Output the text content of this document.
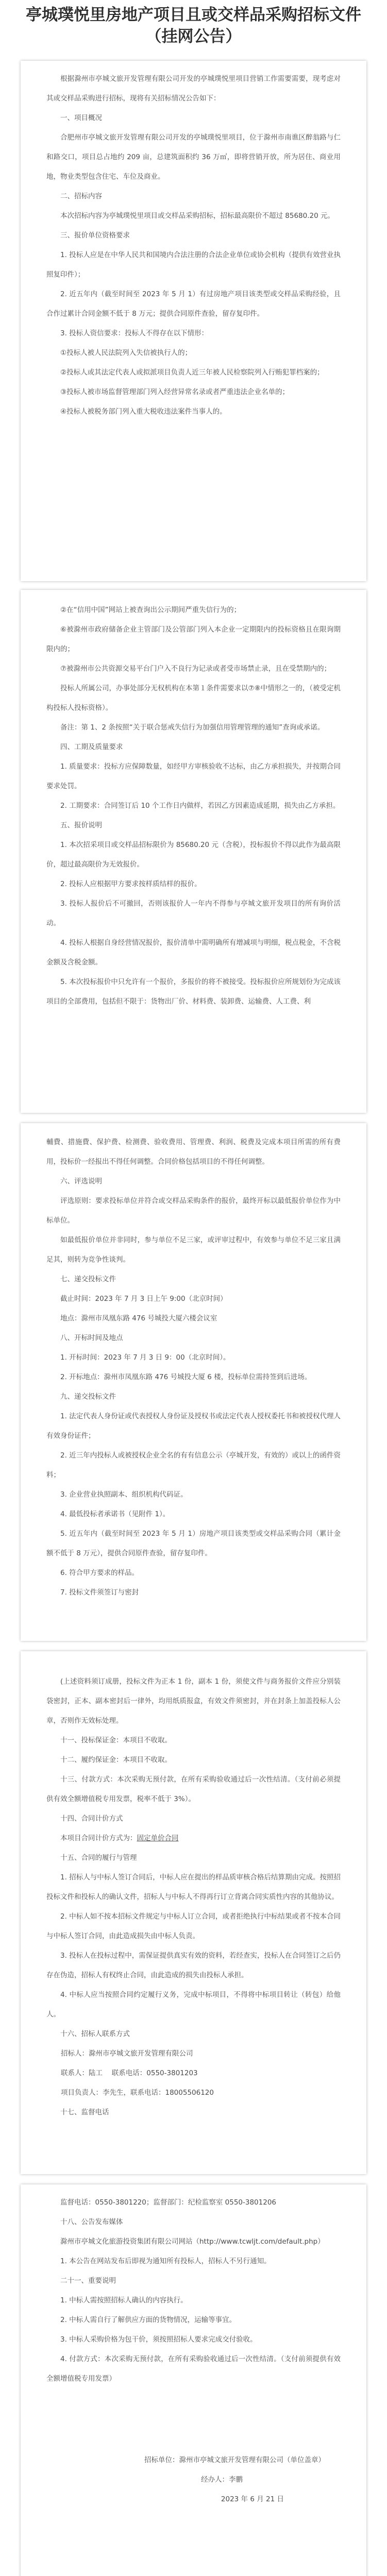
亭城璞悦里房地产项目且或交样品采购招标文件（挂网公告）

根据滁州市亭城文旅开发管理有限公司开发的亭城璞悦里项目营销工作需要需要，现考虑对其或交样品采购进行招标，现将有关招标情况公告如下：

一、项目概况

合肥州市亭城文旅开发管理有限公司开发的亭城璞悦里项目，位于滁州市南谯区醉翁路与仁和路交口，项目总占地约 209 亩，总建筑面积约 36 万㎡，即将营销开放，所为居住、商业用地，物业类型包含住宅、车位及商业。

二、招标内容

本次招标内容为亭城璞悦里项目或交样品采购招标，招标最高限价不超过 85680.20 元。

三、报价单位资格要求

1. 投标人应是在中华人民共和国境内合法注册的合法企业单位或协会机构（提供有效营业执照复印件）；

2. 近五年内（截至时间至 2023 年 5 月 1）有过房地产项目该类型或交样品采购经验，且合作过累计合同金额不低于 8 万元；提供合同原件查验，留存复印件。

3. 投标人资信要求：投标人不得存在以下情形：

①投标人被人民法院列入失信被执行人的；

②投标人或其法定代表人或拟派项目负责人近三年被人民检察院列入行贿犯罪档案的；

③投标人被市场监督管理部门列入经营异常名录或者严重违法企业名单的；

④投标人被税务部门列入重大税收违法案件当事人的。

②在“信用中国”网站上被查询出公示期间严重失信行为的；

⑥被滁州市政府储备企业主管部门及公管部门列入本企业一定期限内的投标资格且在限询期限内的；

⑦被滁州市公共资源交易平台门户入不良行为记录或者受市场禁止录，且在受禁期内的；

投标人所属公司，办事处部分无权机构在本第１条件需要求以⑦⑧中情形之一的，（被受定机构投标人投标资格）。

备注：第 1、2 条按照“关于联合惩戒失信行为加强信用管理管理的通知”查询或承诺。

四、工期及质量要求

1. 质量要求：投标方应保障数量，如经甲方审核验收不达标，由乙方承担损失，并按期合同要求处罚。

2. 工期要求：合同签订后 10 个工作日内做样，若因乙方因素造成延期，损失由乙方承担。

五、报价说明

1. 本次招采项目或交样品招标限价为 85680.20 元（含税），投标报价不得以此作为最高限价，超过最高限价为无效报价。

2. 投标人应根据甲方要求按样质结样的报价。

3. 投标人报价后不可撤回，否则该报价人一年内不得参与亭城文旅开发项目的所有询价活动。

4. 投标人根据自身经营情况报价，报价清单中需明确所有增减项与明细，税点税金，不含税金额及含税金额。

5. 本次投标报价中只允许有一个报价，多报价的将不被接受。投标报价应所规划份为完成该项目的全部费用，包括但不限于：货物出厂价、材料费、装卸费、运输费、人工费、利

輔費、措施費、保护费、检测费、验收费用、管理费、利润、税费及完成本项目所需的所有费用，投标价一经报出不得任何调整。合同价格包括项目的不得任何调整。

六、评选说明

评选原则：要求投标单位并符合或交样品采购条件的报价，最终开标以最低报价单位作为中标单位。

如最低报价单位并非同时，参与单位不足三家，或评审过程中，有效参与单位不足三家且满足其，则转为竞争性谈判。

七、递交投标文件

截止时间：2023 年 7 月 3 日上午 9:00（北京时间）

地点：滁州市凤凰东路 476 号城投大厦六楼会议室

八、开标时间及地点

1. 开标时间：2023 年 7 月 3 日 9：00（北京时间）。

2. 开标地点：滁州市凤凰东路 476 号城投大厦 6 楼，投标单位需持签到后进场。

九、递交投标文件

1. 法定代表人身份证或代表授权人身份证及授权书或法定代表人授权委托书和被授权代理人有效身份证件；

2. 近三年内投标人或被授权企业全名的有有信息公示（亭城开发，有效的）或以上的函件资料；

3. 企业营业执照副本、组织机构代码证。

4. 最低投标者承诺书（见附件 1）。

5. 近五年内（截至时间至 2023 年 5 月 1）房地产项目该类型或交样品采购合同（累计金额不低于 8 万元），提供合同原件查验，留存复印件。

6. 符合甲方要求的样品。

7. 投标文件须签订与密封

(上述资料须订成册，投标文件为正本 1 份，副本 1 份，须使文件与商务报价文件应分别装袋密封，正本、副本密封后一律外，均用纸质报盒，有效文件须密封，并在封条上加盖投标人公章，否则作无效标处理。

十一、投标保证金：本项目不收取。

十二、履约保证金：本项目不收取。

十三、付款方式：本次采购无预付款，在所有采购验收通过后一次性结清。（支付前必须提供有效全额增值税专用发票，税率不低于 3%）。

十四、合同计价方式

本项目合同计价方式为：固定单价合同

十五、合同的履行与管理

1. 招标人与中标人签订合同后，中标人应在提出的样品质审核合格后结算期由完成。按照招投标文件和投标人的确认文件，招标人与中标人不得再行订立背离合同实质性内容的其他协议。

2. 中标人如不按本招标文件规定与中标人订立合同，或者拒绝执行中标结果或者不按本合同与中标人签订合同，由此造成损失由中标人负责。

3. 投标人在投标过程中，需保证提供真实有效的资料，若经查实，投标人在合同签订之后仍存在伪造，招标人有权终止合同，由此造成的损失由投标人承担。

4. 中标人应当按照合同约定履行义务，完成中标项目，不得将中标项目转让（转包）给他人。

十六、招标人联系方式

招标人：滁州市亭城文旅开发管理有限公司

联系人：陆工　 联系电话：0550-3801203

项目负责人：李先生，联系电话：18005506120

十七、监督电话

监督电话：0550-3801220；监督部门：纪检监察室 0550-3801206

十八、公告发布媒体

滁州市亭城文化旅游投资集团有限公司网站（http://www.tcwljt.com/default.php）

1. 本公告在网站发布后即视为通知所有投标人，招标人不另行通知。

二十一、重要说明

1. 中标人需按照招标人确认的内容执行。

2. 中标人需自行了解供应方面的货物情况，运输等事宜。

3. 中标人采购价格为包干价，须按照招标人要求完成交付验收。

4. 付款方式：本次采购无预付款，在所有采购验收通过后一次性结清。（支付前须提供有效全额增值税专用发票）

招标单位：滁州市亭城文旅开发管理有限公司（单位盖章）

经办人：李鹏

2023 年 6 月 21 日
